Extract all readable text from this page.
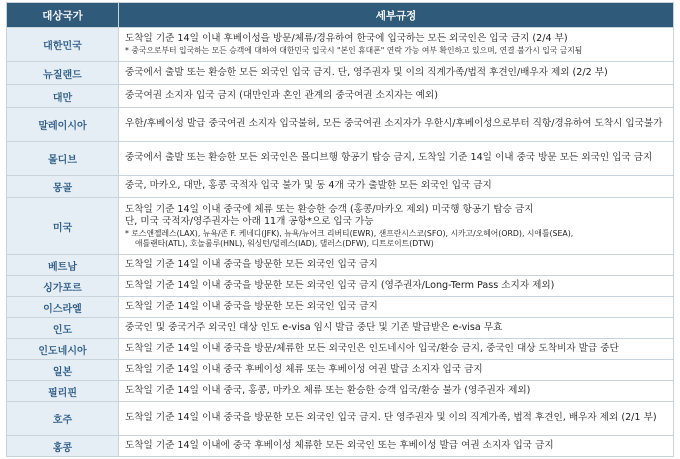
대상국가	세부규정
대한민국	도착일 기준 14일 이내 후베이성을 방문/체류/경유하여 한국에 입국하는 모든 외국인은 입국 금지 (2/4 부)
* 중국으로부터 입국하는 모든 승객에 대하여 대한민국 입국시 "본인 휴대폰" 연락 가능 여부 확인하고 있으며, 연결 불가시 입국 금지됨

뉴질랜드	중국에서 출발 또는 환승한 모든 외국인 입국 금지. 단, 영주권자 및 이의 직계가족/법적 후견인/배우자 제외 (2/2 부)
대만	중국여권 소지자 입국 금지 (대만인과 혼인 관계의 중국여권 소지자는 예외)
말레이시아	우한/후베이성 발급 중국여권 소지자 입국불허, 모든 중국여권 소지자가 우한시/후베이성으로부터 직항/경유하여 도착시 입국불가
몰디브	중국에서 출발 또는 환승한 모든 외국인은 몰디브행 항공기 탑승 금지, 도착일 기준 14일 이내 중국 방문 모든 외국인 입국 금지
몽골	중국, 마카오, 대만, 홍콩 국적자 입국 불가 및 동 4개 국가 출발한 모든 외국인 입국 금지
미국	도착일 기준 14일 이내 중국에 체류 또는 환승한 승객 (홍콩/마카오 제외) 미국행 항공기 탑승 금지
단, 미국 국적자/영주권자는 아래 11개 공항*으로 입국 가능
* 로스앤젤레스(LAX), 뉴욕/존 F. 케네디(JFK), 뉴욕/뉴어크 리버티(EWR), 샌프란시스코(SFO), 시카고/오헤어(ORD), 시애틀(SEA),
애틀랜타(ATL), 호놀룰루(HNL), 워싱턴/덜레스(IAD), 댈러스(DFW), 디트로이트(DTW)

베트남	도착일 기준 14일 이내 중국을 방문한 모든 외국인 입국 금지
싱가포르	도착일 기준 14일 이내 중국을 방문한 모든 외국인 입국 금지 (영주권자/Long-Term Pass 소지자 제외)
이스라엘	도착일 기준 14일 이내 중국을 방문한 모든 외국인 입국 금지
인도	중국인 및 중국거주 외국인 대상 인도 e-visa 임시 발급 중단 및 기존 발급받은 e-visa 무효
인도네시아	도착일 기준 14일 이내 중국을 방문/체류한 모든 외국인은 인도네시아 입국/환승 금지, 중국인 대상 도착비자 발급 중단
일본	도착일 기준 14일 이내 중국 후베이성 체류 또는 후베이성 여권 발급 소지자 입국 금지
필리핀	도착일 기준 14일 이내 중국, 홍콩, 마카오 체류 또는 환승한 승객 입국/환승 불가 (영주권자 제외)
호주	도착일 기준 14일 이내 중국을 방문한 모든 외국인 입국 금지. 단 영주권자 및 이의 직계가족, 법적 후견인, 배우자 제외 (2/1 부)
홍콩	도착일 기준 14일 이내에 중국 후베이성 체류한 모든 외국인 또는 후베이성 발급 여권 소지자 입국 금지
